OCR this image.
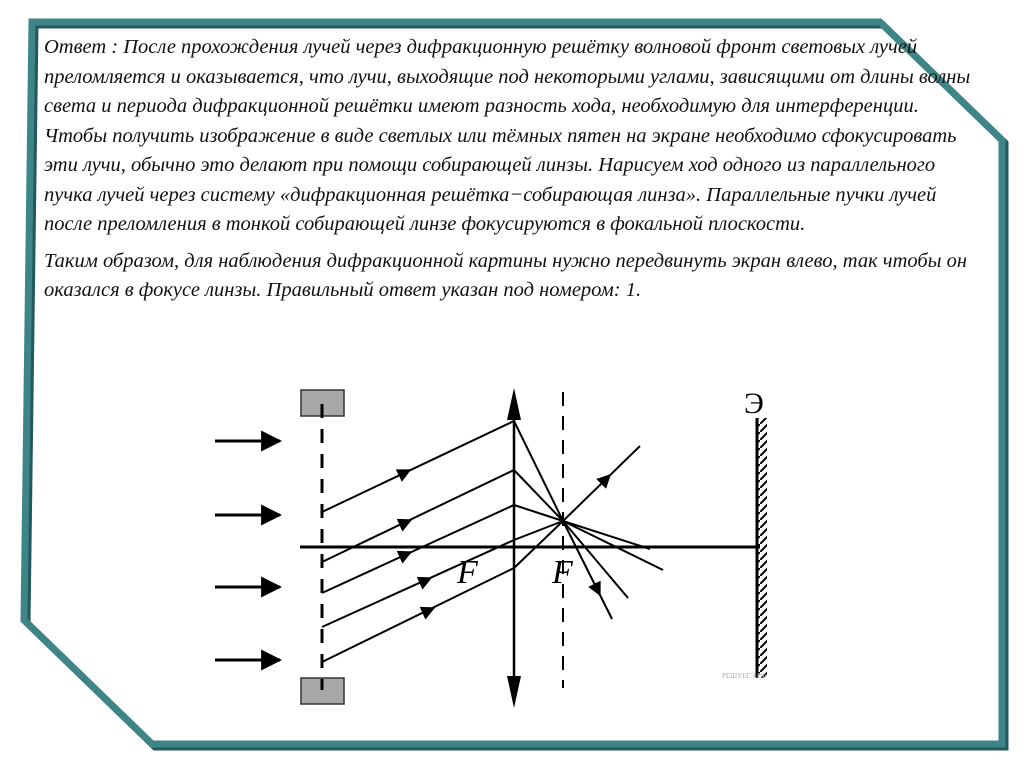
Ответ : После прохождения лучей через дифракционную решётку волновой фронт световых лучей преломляется и оказывается, что лучи, выходящие под некоторыми углами, зависящими от длины волны света и периода дифракционной решётки имеют разность хода, необходимую для интерференции. Чтобы получить изображение в виде светлых или тёмных пятен на экране необходимо сфокусировать эти лучи, обычно это делают при помощи собирающей линзы. Нарисуем ход одного из параллельного пучка лучей через систему «дифракционная решётка−собирающая линза». Параллельные пучки лучей после преломления в тонкой собирающей линзе фокусируются в фокальной плоскости.

Таким образом, для наблюдения дифракционной картины нужно передвинуть экран влево, так чтобы он оказался в фокусе линзы. Правильный ответ указан под номером: 1.

F F
Э
РЕШУЕГЭ.РФ
